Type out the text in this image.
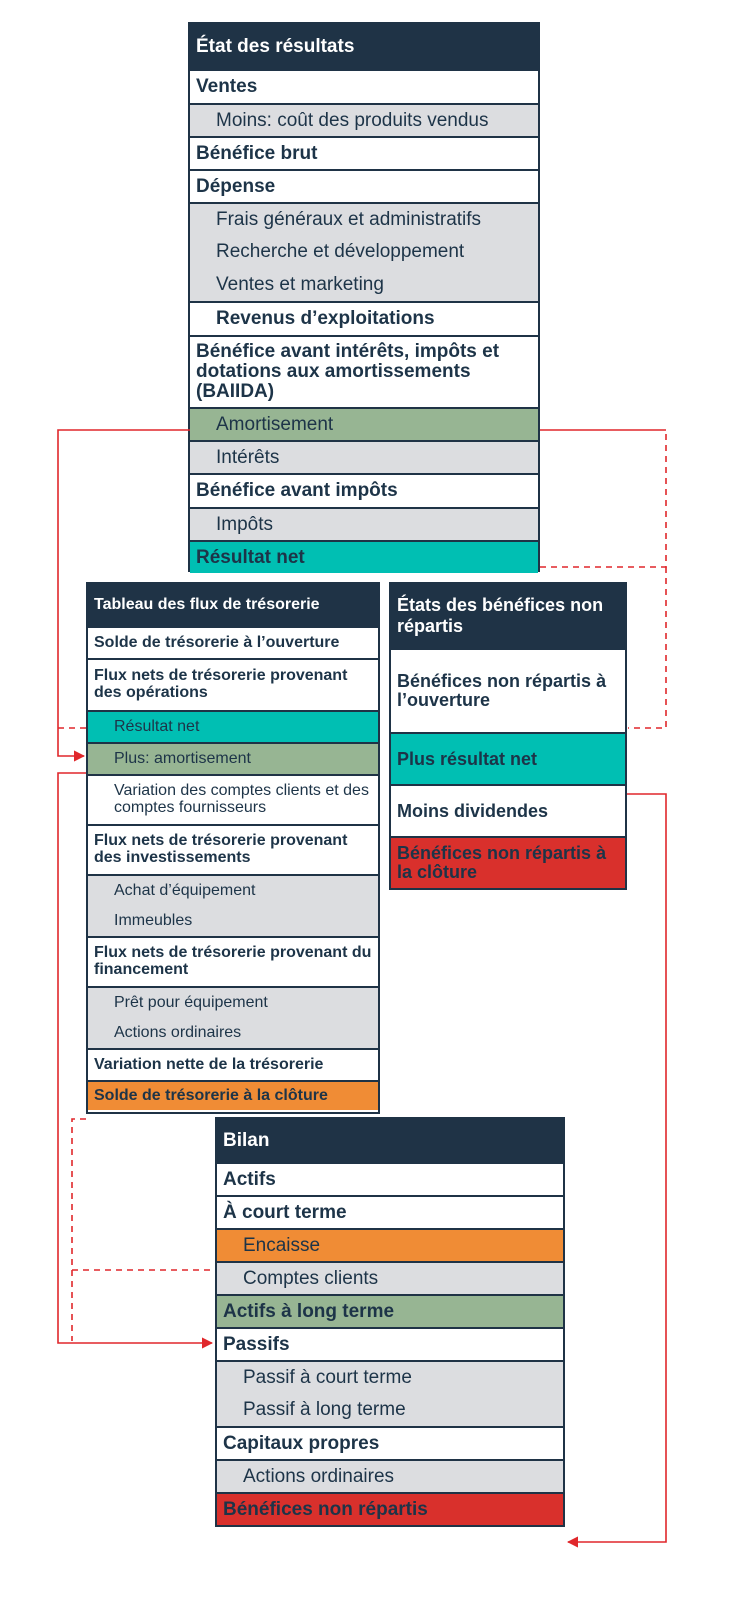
État des résultats
Ventes
Moins: coût des produits vendus
Bénéfice brut
Dépense
Frais généraux et administratifs
Recherche et développement
Ventes et marketing
Revenus d’exploitations
Bénéfice avant intérêts, impôts et dotations aux amortissements (BAIIDA)
Amortisement
Intérêts
Bénéfice avant impôts
Impôts
Résultat net
Tableau des flux de trésorerie
Solde de trésorerie à l’ouverture
Flux nets de trésorerie provenant des opérations
Résultat net
Plus: amortisement
Variation des comptes clients et des comptes fournisseurs
Flux nets de trésorerie provenant des investissements
Achat d’équipement
Immeubles
Flux nets de trésorerie provenant du financement
Prêt pour équipement
Actions ordinaires
Variation nette de la trésorerie
Solde de trésorerie à la clôture
États des bénéfices non répartis
Bénéfices non répartis à l’ouverture
Plus résultat net
Moins dividendes
Bénéfices non répartis à la clôture
Bilan
Actifs
À court terme
Encaisse
Comptes clients
Actifs à long terme
Passifs
Passif à court terme
Passif à long terme
Capitaux propres
Actions ordinaires
Bénéfices non répartis
